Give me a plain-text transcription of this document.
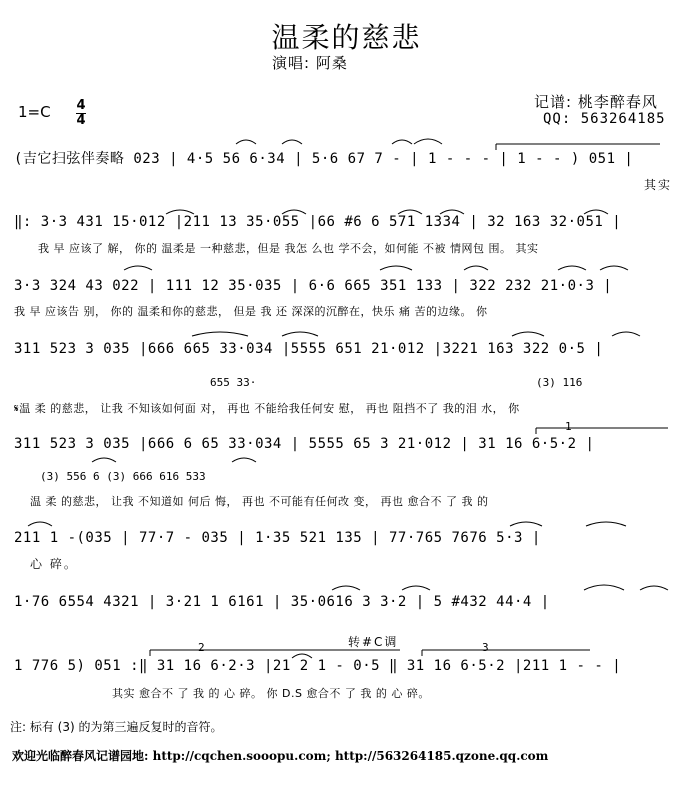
温柔的慈悲
演唱: 阿桑
记谱: 桃李醉春风
QQ: 563264185
1=C 4
4
(吉它扫弦伴奏略 023 | 4·5 56 6·34 | 5·6 67 7 - | 1 - - - | 1 - - ) 051 |
其实
‖: 3·3 431 15·012 |211 13 35·055 |66 #6 6 571 1334 | 32 163 32·051 |
我 早 应该了 解， 你的 温柔是 一种慈悲，但是 我怎 么也 学不会，如何能 不被 情网包 围。 其实
3·3 324 43 022 | 111 12 35·035 | 6·6 665 351 133 | 322 232 21·0·3 |
我 早 应该告 别， 你的 温柔和你的慈悲， 但是 我 还 深深的沉醉在，快乐 痛 苦的边缘。 你
311 523 3 035 |666 665 33·034 |5555 651 21·012 |3221 163 322 0·5 |
655 33·	(3) 116
𝄋温 柔 的慈悲， 让我 不知该如何面 对， 再也 不能给我任何安 慰， 再也 阻挡不了 我的泪 水， 你
1
311 523 3 035 |666 6 65 33·034 | 5555 65 3 21·012 | 31 16 6·5·2 |
(3) 556 6 (3) 666 616 533
温 柔 的慈悲， 让我 不知道如 何后 悔， 再也 不可能有任何改 变， 再也 愈合不 了 我 的
211 1 -(035 | 77·7 - 035 | 1·35 521 135 | 77·765 7676 5·3 |
心 碎。
1·76 6554 4321 | 3·21 1 6161 | 35·0616 3 3·2 | 5 #432 44·4 |
2	转#C调	3
1 776 5) 051 :‖ 31 16 6·2·3 |21 2 1 - 0·5 ‖ 31 16 6·5·2 |211 1 - - |
其实 愈合不 了 我 的 心 碎。 你 D.S 愈合不 了 我 的 心 碎。
注: 标有 (3) 的为第三遍反复时的音符。
欢迎光临醉春风记谱园地: http://cqchen.sooopu.com; http://563264185.qzone.qq.com
